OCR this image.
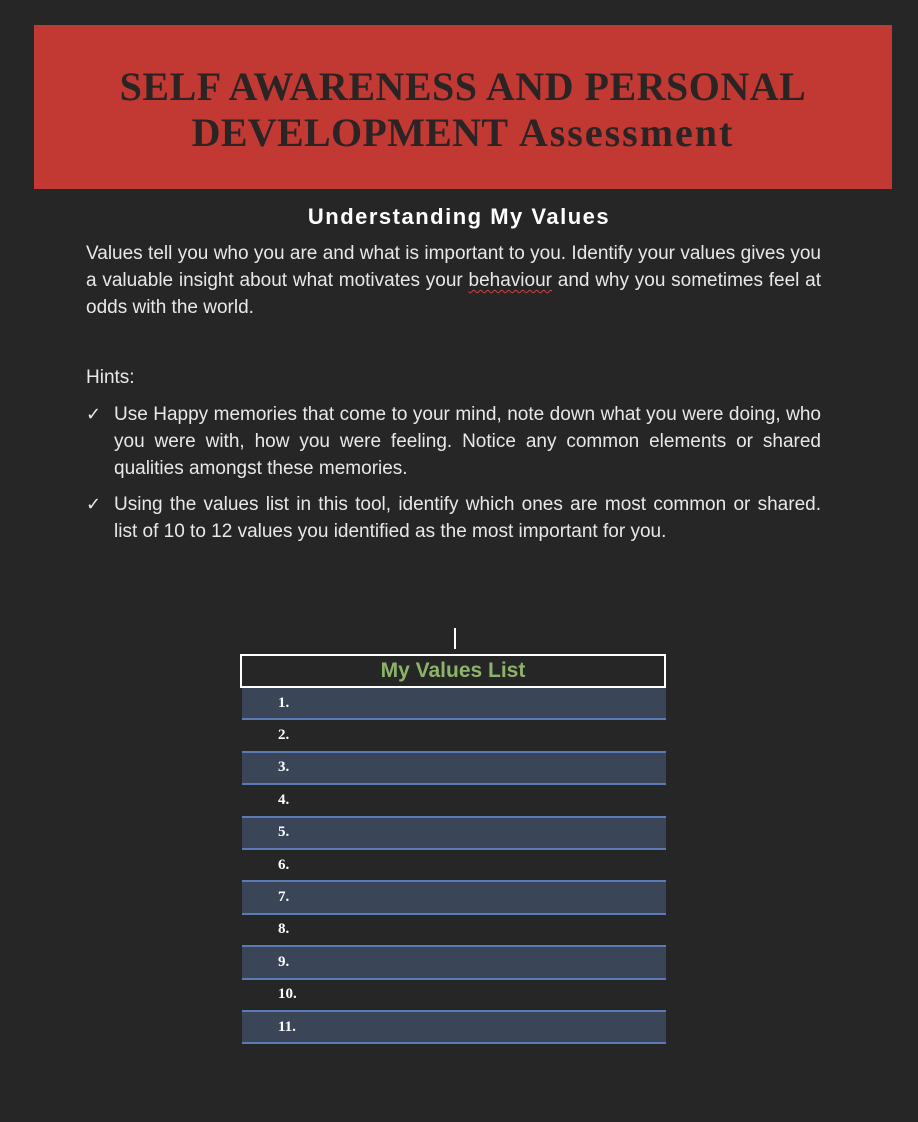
SELF AWARENESS AND PERSONAL
DEVELOPMENT Assessment
Understanding My Values

Values tell you who you are and what is important to you. Identify your values gives you a valuable insight about what motivates your behaviour and why you sometimes feel at odds with the world.

Hints:
✓ Use Happy memories that come to your mind, note down what you were doing, who you were with, how you were feeling. Notice any common elements or shared qualities amongst these memories.
✓ Using the values list in this tool, identify which ones are most common or shared. list of 10 to 12 values you identified as the most important for you.
My Values List
1.
2.
3.
4.
5.
6.
7.
8.
9.
10.
11.
